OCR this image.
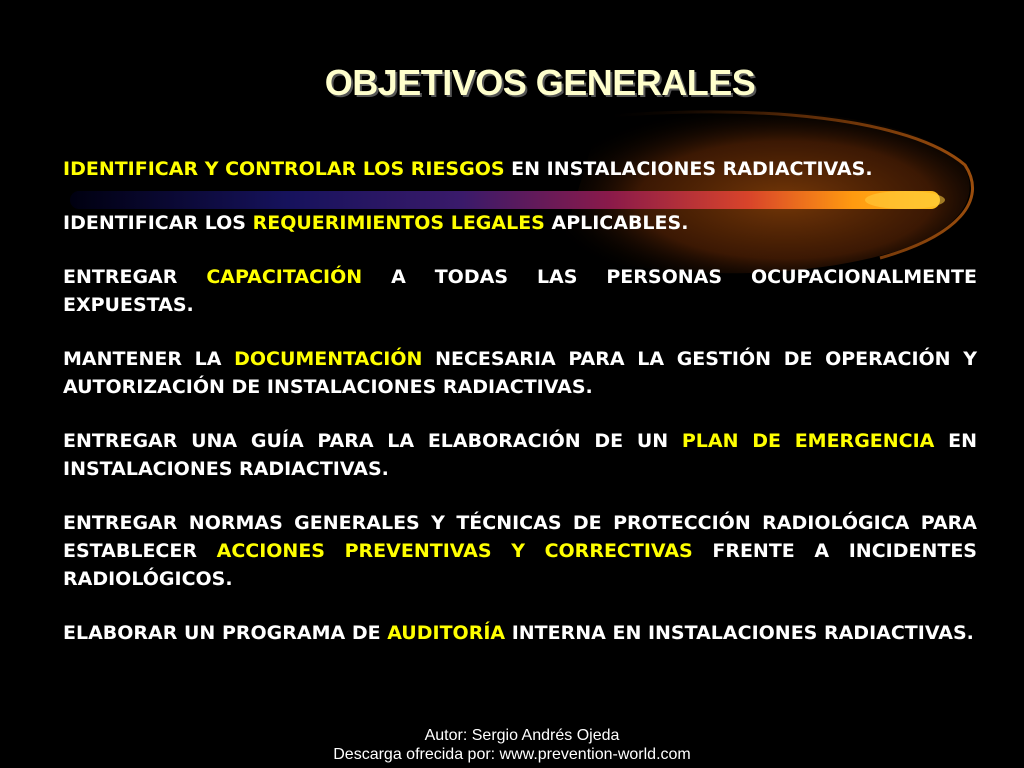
OBJETIVOS GENERALES

IDENTIFICAR Y CONTROLAR LOS RIESGOS EN INSTALACIONES RADIACTIVAS.

IDENTIFICAR LOS REQUERIMIENTOS LEGALES APLICABLES.

ENTREGAR CAPACITACIÓN A TODAS LAS PERSONAS OCUPACIONALMENTE EXPUESTAS.

MANTENER LA DOCUMENTACIÓN NECESARIA PARA LA GESTIÓN DE OPERACIÓN Y AUTORIZACIÓN DE INSTALACIONES RADIACTIVAS.

ENTREGAR UNA GUÍA PARA LA ELABORACIÓN DE UN PLAN DE EMERGENCIA EN INSTALACIONES RADIACTIVAS.

ENTREGAR NORMAS GENERALES Y TÉCNICAS DE PROTECCIÓN RADIOLÓGICA PARA ESTABLECER ACCIONES PREVENTIVAS Y CORRECTIVAS FRENTE A INCIDENTES RADIOLÓGICOS.

ELABORAR UN PROGRAMA DE AUDITORÍA INTERNA EN INSTALACIONES RADIACTIVAS.

Autor: Sergio Andrés Ojeda
Descarga ofrecida por: www.prevention-world.com
